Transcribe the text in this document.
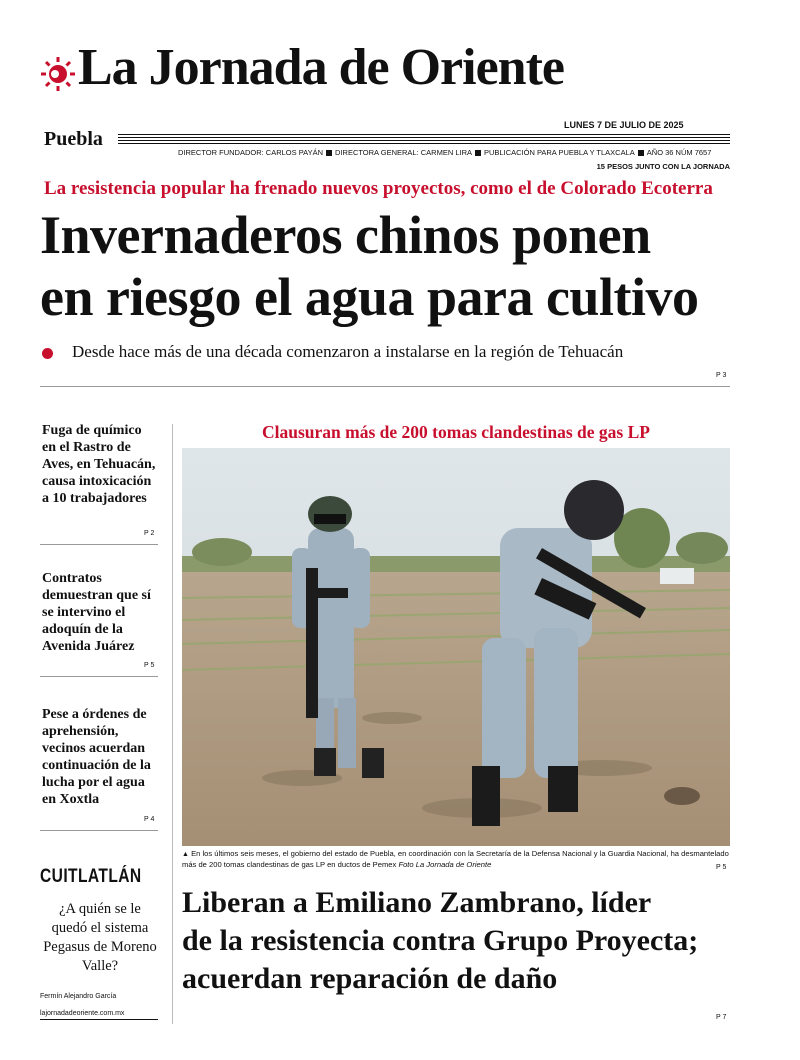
La Jornada de Oriente
Puebla
LUNES 7 DE JULIO DE 2025
DIRECTOR FUNDADOR: CARLOS PAYÁN DIRECTORA GENERAL: CARMEN LIRA PUBLICACIÓN PARA PUEBLA Y TLAXCALA AÑO 36 NÚM 7657
15 PESOS JUNTO CON LA JORNADA
La resistencia popular ha frenado nuevos proyectos, como el de Colorado Ecoterra
Invernaderos chinos ponen
en riesgo el agua para cultivo
Desde hace más de una década comenzaron a instalarse en la región de Tehuacán
P 3
Fuga de químico en el Rastro de Aves, en Tehuacán, causa intoxicación a 10 trabajadores
P 2
Contratos demuestran que sí se intervino el adoquín de la Avenida Juárez
P 5
Pese a órdenes de aprehensión, vecinos acuerdan continuación de la lucha por el agua en Xoxtla
P 4
CUITLATLÁN
¿A quién se le quedó el sistema Pegasus de Moreno Valle?
Fermín Alejandro García
lajornadadeoriente.com.mx
Clausuran más de 200 tomas clandestinas de gas LP
▲ En los últimos seis meses, el gobierno del estado de Puebla, en coordinación con la Secretaría de la Defensa Nacional y la Guardia Nacional, ha desmantelado más de 200 tomas clandestinas de gas LP en ductos de Pemex Foto La Jornada de Oriente	P 5
Liberan a Emiliano Zambrano, líder
de la resistencia contra Grupo Proyecta;
acuerdan reparación de daño
P 7
